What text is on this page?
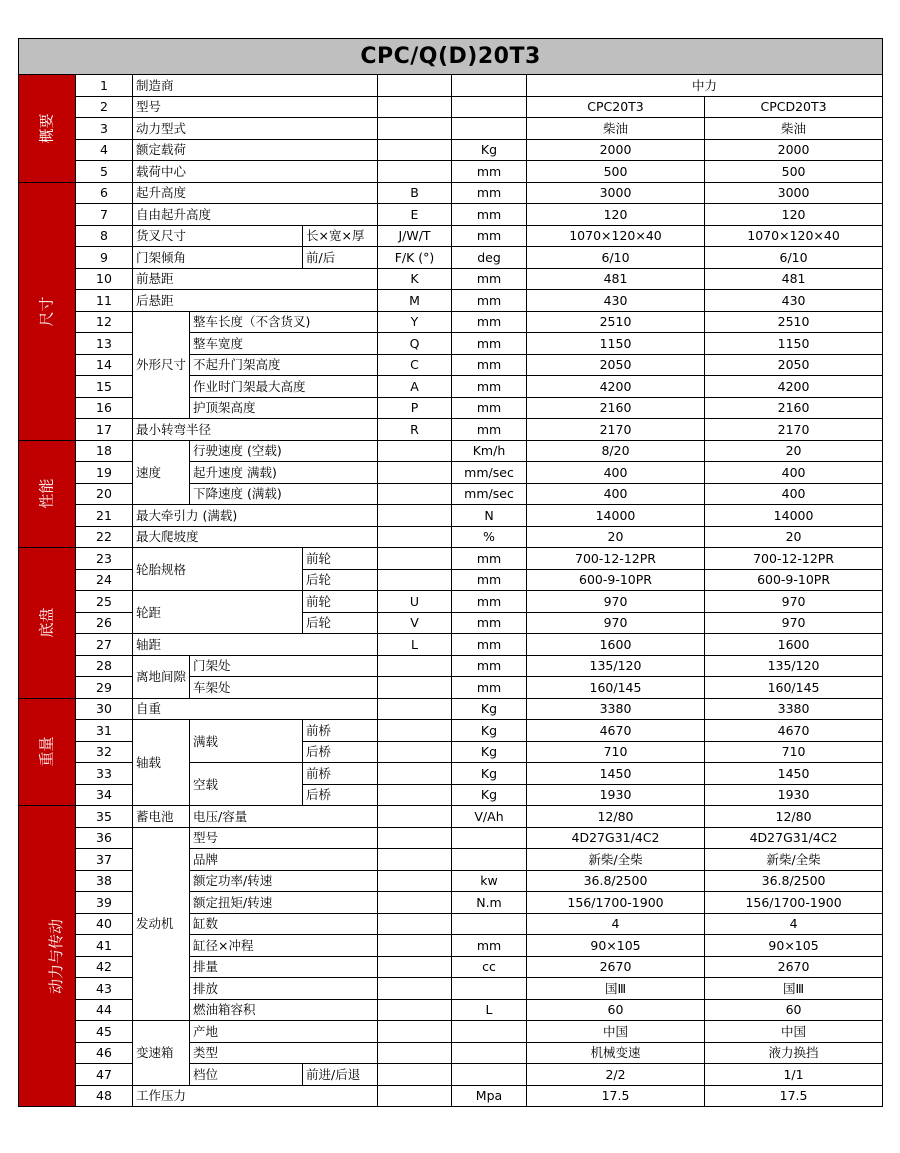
CPC/Q(D)20T3								
概要	1	制造商					中力	
	2	型号					CPC20T3	CPCD20T3
	3	动力型式					柴油	柴油
	4	额定载荷				Kg	2000	2000
	5	载荷中心				mm	500	500
尺寸	6	起升高度			B	mm	3000	3000
	7	自由起升高度			E	mm	120	120
	8	货叉尺寸		长×宽×厚	J/W/T	mm	1070×120×40	1070×120×40
	9	门架倾角		前/后	F/K (°)	deg	6/10	6/10
	10	前悬距			K	mm	481	481
	11	后悬距			M	mm	430	430
	12	外形尺寸	整车长度（不含货叉)		Y	mm	2510	2510
	13		整车宽度		Q	mm	1150	1150
	14		不起升门架高度		C	mm	2050	2050
	15		作业时门架最大高度		A	mm	4200	4200
	16		护顶架高度		P	mm	2160	2160
	17	最小转弯半径			R	mm	2170	2170
性能	18	速度	行驶速度 (空载)			Km/h	8/20	20
	19		起升速度 满载)			mm/sec	400	400
	20		下降速度 (满载)			mm/sec	400	400
	21	最大牵引力 (满载)				N	14000	14000
	22	最大爬坡度				%	20	20
底盘	23	轮胎规格		前轮		mm	700-12-12PR	700-12-12PR
	24			后轮		mm	600-9-10PR	600-9-10PR
	25	轮距		前轮	U	mm	970	970
	26			后轮	V	mm	970	970
	27	轴距			L	mm	1600	1600
	28	离地间隙	门架处			mm	135/120	135/120
	29		车架处			mm	160/145	160/145
重量	30	自重				Kg	3380	3380
	31	轴载	满载	前桥		Kg	4670	4670
	32			后桥		Kg	710	710
	33		空载	前桥		Kg	1450	1450
	34			后桥		Kg	1930	1930
动力与传动	35	蓄电池	电压/容量			V/Ah	12/80	12/80
	36	发动机	型号				4D27G31/4C2	4D27G31/4C2
	37		品牌				新柴/全柴	新柴/全柴
	38		额定功率/转速			kw	36.8/2500	36.8/2500
	39		额定扭矩/转速			N.m	156/1700-1900	156/1700-1900
	40		缸数				4	4
	41		缸径×冲程			mm	90×105	90×105
	42		排量			cc	2670	2670
	43		排放				国Ⅲ	国Ⅲ
	44		燃油箱容积			L	60	60
	45	变速箱	产地				中国	中国
	46		类型				机械变速	液力换挡
	47		档位	前进/后退			2/2	1/1
	48	工作压力				Mpa	17.5	17.5
